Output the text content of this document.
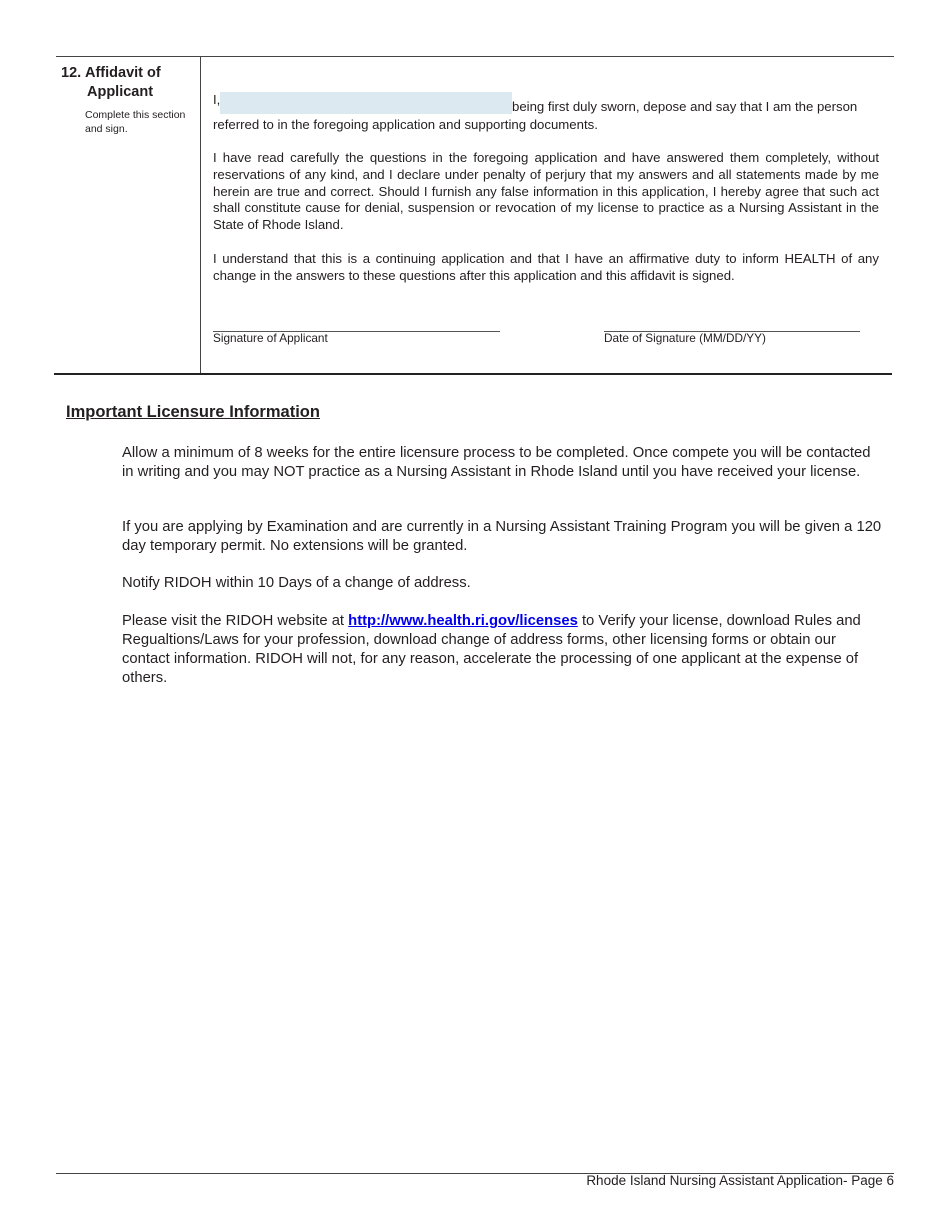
12. Affidavit of
Applicant
Complete this section and sign.
I,	being first duly sworn, depose and say that I am the person
referred to in the foregoing application and supporting documents.
I have read carefully the questions in the foregoing application and have answered them completely, without reservations of any kind, and I declare under penalty of perjury that my answers and all statements made by me herein are true and correct. Should I furnish any false information in this application, I hereby agree that such act shall constitute cause for denial, suspension or revocation of my license to practice as a Nursing Assistant in the State of Rhode Island.
I understand that this is a continuing application and that I have an affirmative duty to inform HEALTH of any change in the answers to these questions after this application and this affidavit is signed.
Signature of Applicant	Date of Signature (MM/DD/YY)
Important Licensure Information
Allow a minimum of 8 weeks for the entire licensure process to be completed. Once compete you will be contacted in writing and you may NOT practice as a Nursing Assistant in Rhode Island until you have received your license.
If you are applying by Examination and are currently in a Nursing Assistant Training Program you will be given a 120 day temporary permit. No extensions will be granted.
Notify RIDOH within 10 Days of a change of address.
Please visit the RIDOH website at http://www.health.ri.gov/licenses to Verify your license, download Rules and Regualtions/Laws for your profession, download change of address forms, other licensing forms or obtain our contact information. RIDOH will not, for any reason, accelerate the processing of one applicant at the expense of others.
Rhode Island Nursing Assistant Application- Page 6
